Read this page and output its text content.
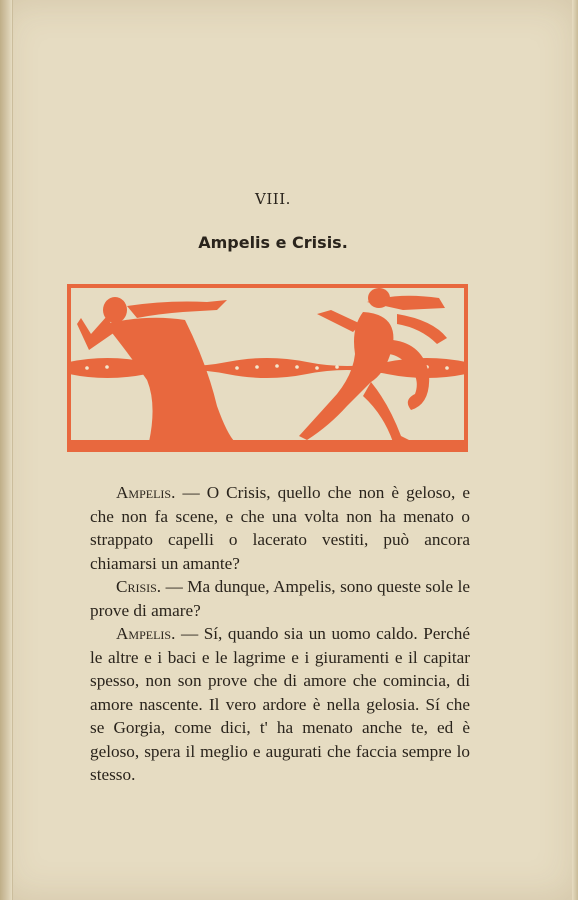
VIII.
Ampelis e Crisis.

Ampelis. — O Crisis, quello che non è geloso, e che non fa scene, e che una volta non ha menato o strappato capelli o lacerato vestiti, può ancora chiamarsi un amante?

Crisis. — Ma dunque, Ampelis, sono queste sole le prove di amare?

Ampelis. — Sí, quando sia un uomo caldo. Perché le altre e i baci e le lagrime e i giuramenti e il capitar spesso, non son prove che di amore che comincia, di amore nascente. Il vero ardore è nella gelosia. Sí che se Gorgia, come dici, t' ha menato anche te, ed è geloso, spera il meglio e augurati che faccia sempre lo stesso.
